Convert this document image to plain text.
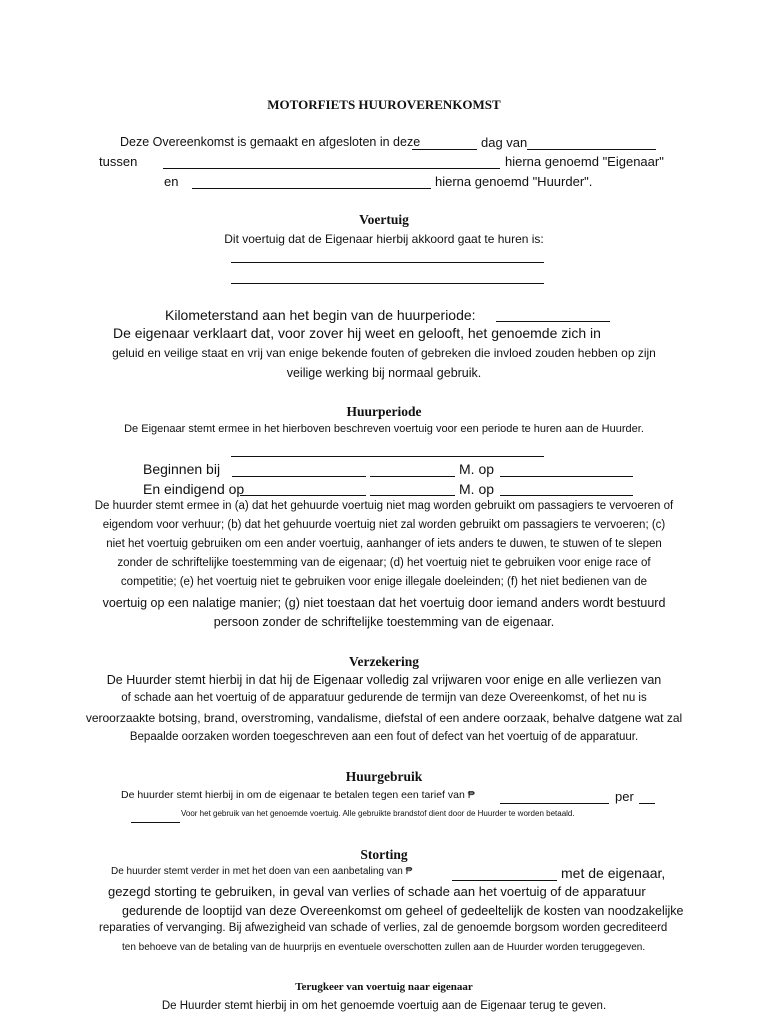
MOTORFIETS HUUROVERENKOMST
Deze Overeenkomst is gemaakt en afgesloten in deze	dag van
tussen	hierna genoemd "Eigenaar"
en	hierna genoemd "Huurder".
Voertuig
Dit voertuig dat de Eigenaar hierbij akkoord gaat te huren is:
Kilometerstand aan het begin van de huurperiode:
De eigenaar verklaart dat, voor zover hij weet en gelooft, het genoemde zich in
geluid en veilige staat en vrij van enige bekende fouten of gebreken die invloed zouden hebben op zijn
veilige werking bij normaal gebruik.
Huurperiode
De Eigenaar stemt ermee in het hierboven beschreven voertuig voor een periode te huren aan de Huurder.
Beginnen bij	M. op
En eindigend op	M. op
De huurder stemt ermee in (a) dat het gehuurde voertuig niet mag worden gebruikt om passagiers te vervoeren of
eigendom voor verhuur; (b) dat het gehuurde voertuig niet zal worden gebruikt om passagiers te vervoeren; (c)
niet het voertuig gebruiken om een ander voertuig, aanhanger of iets anders te duwen, te stuwen of te slepen
zonder de schriftelijke toestemming van de eigenaar; (d) het voertuig niet te gebruiken voor enige race of
competitie; (e) het voertuig niet te gebruiken voor enige illegale doeleinden; (f) het niet bedienen van de
voertuig op een nalatige manier; (g) niet toestaan dat het voertuig door iemand anders wordt bestuurd
persoon zonder de schriftelijke toestemming van de eigenaar.
Verzekering
De Huurder stemt hierbij in dat hij de Eigenaar volledig zal vrijwaren voor enige en alle verliezen van
of schade aan het voertuig of de apparatuur gedurende de termijn van deze Overeenkomst, of het nu is
veroorzaakte botsing, brand, overstroming, vandalisme, diefstal of een andere oorzaak, behalve datgene wat zal
Bepaalde oorzaken worden toegeschreven aan een fout of defect van het voertuig of de apparatuur.
Huurgebruik
De huurder stemt hierbij in om de eigenaar te betalen tegen een tarief van ₱	per
Voor het gebruik van het genoemde voertuig. Alle gebruikte brandstof dient door de Huurder te worden betaald.
Storting
De huurder stemt verder in met het doen van een aanbetaling van ₱	met de eigenaar,
gezegd storting te gebruiken, in geval van verlies of schade aan het voertuig of de apparatuur
gedurende de looptijd van deze Overeenkomst om geheel of gedeeltelijk de kosten van noodzakelijke
reparaties of vervanging. Bij afwezigheid van schade of verlies, zal de genoemde borgsom worden gecrediteerd
ten behoeve van de betaling van de huurprijs en eventuele overschotten zullen aan de Huurder worden teruggegeven.
Terugkeer van voertuig naar eigenaar
De Huurder stemt hierbij in om het genoemde voertuig aan de Eigenaar terug te geven.
